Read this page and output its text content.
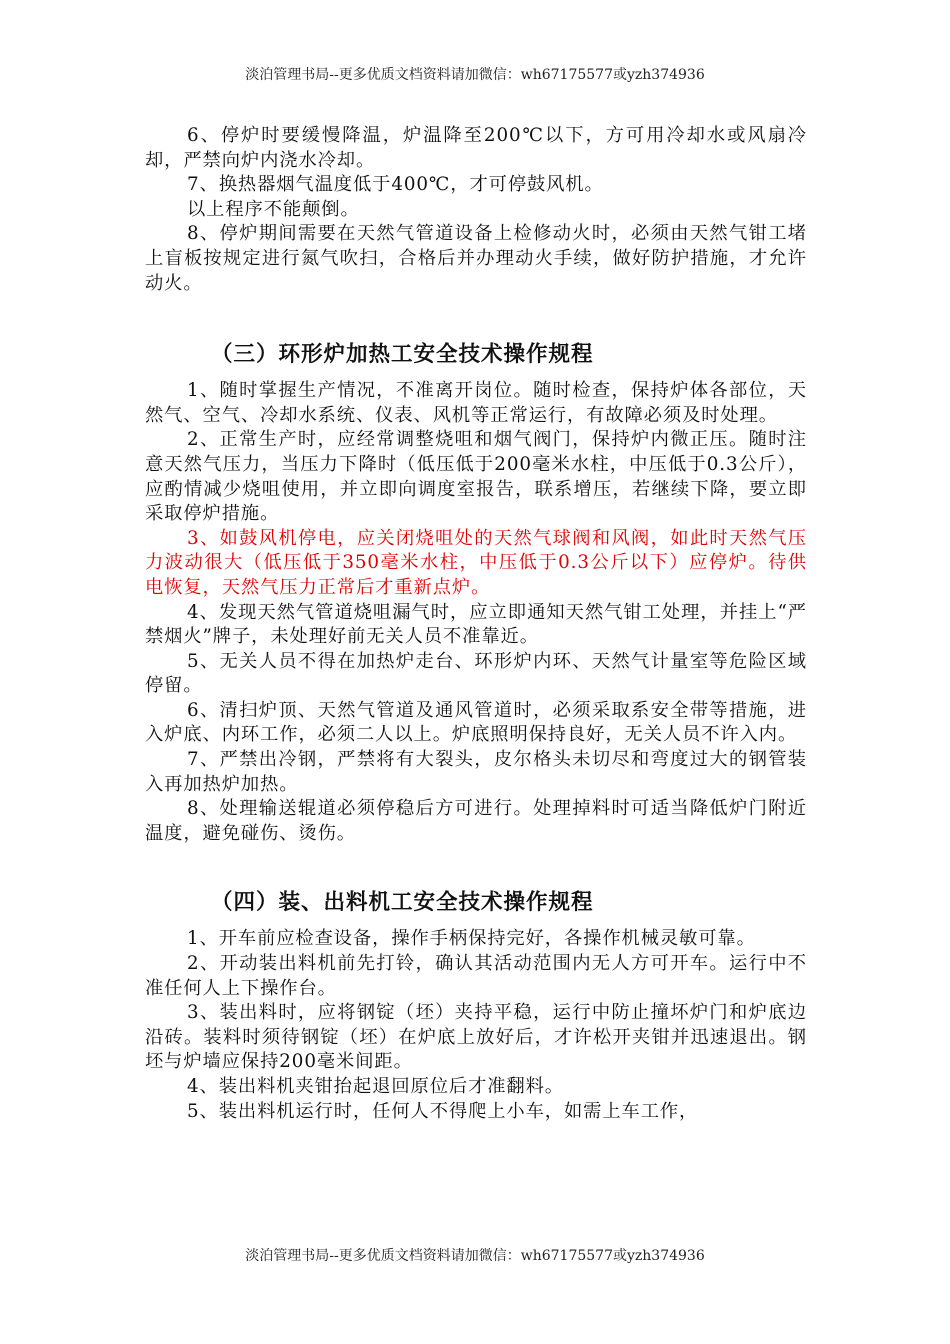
淡泊管理书局--更多优质文档资料请加微信：wh67175577或yzh374936

6、停炉时要缓慢降温，炉温降至200℃以下，方可用冷却水或风扇冷却，严禁向炉内浇水冷却。

7、换热器烟气温度低于400℃，才可停鼓风机。

以上程序不能颠倒。

8、停炉期间需要在天然气管道设备上检修动火时，必须由天然气钳工堵上盲板按规定进行氮气吹扫，合格后并办理动火手续，做好防护措施，才允许动火。

（三）环形炉加热工安全技术操作规程

1、随时掌握生产情况，不准离开岗位。随时检查，保持炉体各部位，天然气、空气、冷却水系统、仪表、风机等正常运行，有故障必须及时处理。

2、正常生产时，应经常调整烧咀和烟气阀门，保持炉内微正压。随时注意天然气压力，当压力下降时（低压低于200毫米水柱，中压低于0.3公斤），应酌情减少烧咀使用，并立即向调度室报告，联系增压，若继续下降，要立即采取停炉措施。

3、如鼓风机停电，应关闭烧咀处的天然气球阀和风阀，如此时天然气压力波动很大（低压低于350毫米水柱，中压低于0.3公斤以下）应停炉。待供电恢复，天然气压力正常后才重新点炉。

4、发现天然气管道烧咀漏气时，应立即通知天然气钳工处理，并挂上“严禁烟火”牌子，未处理好前无关人员不准靠近。

5、无关人员不得在加热炉走台、环形炉内环、天然气计量室等危险区域停留。

6、清扫炉顶、天然气管道及通风管道时，必须采取系安全带等措施，进入炉底、内环工作，必须二人以上。炉底照明保持良好，无关人员不许入内。

7、严禁出冷钢，严禁将有大裂头，皮尔格头未切尽和弯度过大的钢管装入再加热炉加热。

8、处理输送辊道必须停稳后方可进行。处理掉料时可适当降低炉门附近温度，避免碰伤、烫伤。

（四）装、出料机工安全技术操作规程

1、开车前应检查设备，操作手柄保持完好，各操作机械灵敏可靠。

2、开动装出料机前先打铃，确认其活动范围内无人方可开车。运行中不准任何人上下操作台。

3、装出料时，应将钢锭（坯）夹持平稳，运行中防止撞坏炉门和炉底边沿砖。装料时须待钢锭（坯）在炉底上放好后，才许松开夹钳并迅速退出。钢坯与炉墙应保持200毫米间距。

4、装出料机夹钳抬起退回原位后才准翻料。

5、装出料机运行时，任何人不得爬上小车，如需上车工作，

淡泊管理书局--更多优质文档资料请加微信：wh67175577或yzh374936
